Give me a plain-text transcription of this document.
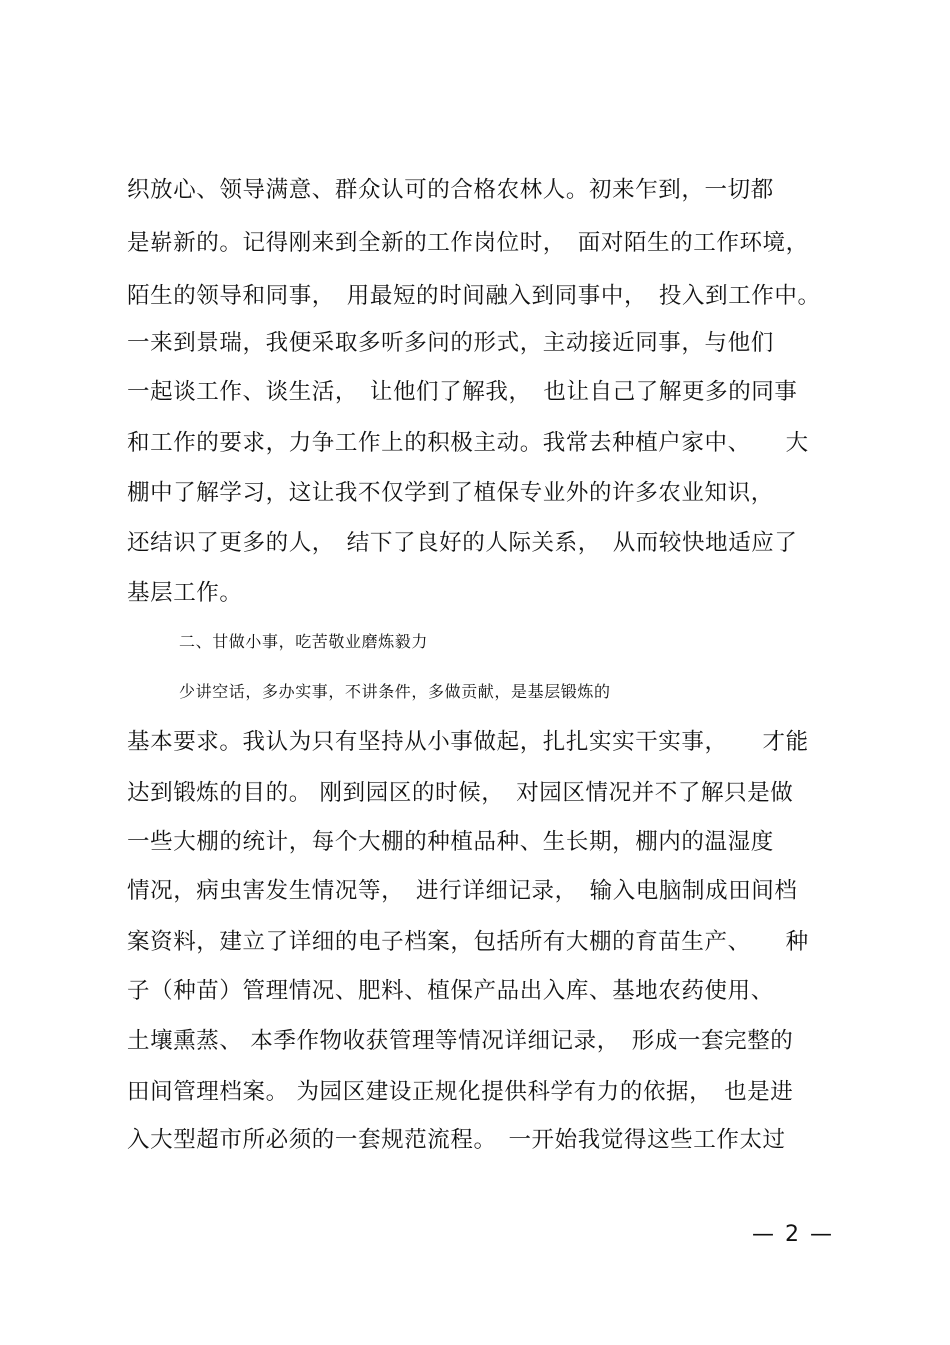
织放心、领导满意、群众认可的合格农林人。初来乍到，一切都
是崭新的。记得刚来到全新的工作岗位时，　面对陌生的工作环境，
陌生的领导和同事，　用最短的时间融入到同事中，　投入到工作中。
一来到景瑞，我便采取多听多问的形式，主动接近同事，与他们
一起谈工作、谈生活，　让他们了解我，　也让自己了解更多的同事
和工作的要求，力争工作上的积极主动。我常去种植户家中、　　大
棚中了解学习，这让我不仅学到了植保专业外的许多农业知识，
还结识了更多的人，　结下了良好的人际关系，　从而较快地适应了
基层工作。
二、甘做小事，吃苦敬业磨炼毅力
少讲空话，多办实事，不讲条件，多做贡献，是基层锻炼的
基本要求。我认为只有坚持从小事做起，扎扎实实干实事，　　才能
达到锻炼的目的。 刚到园区的时候，　对园区情况并不了解只是做
一些大棚的统计，每个大棚的种植品种、生长期，棚内的温湿度
情况，病虫害发生情况等，　进行详细记录，　输入电脑制成田间档
案资料，建立了详细的电子档案，包括所有大棚的育苗生产、　　种
子（种苗）管理情况、肥料、植保产品出入库、基地农药使用、
土壤熏蒸、 本季作物收获管理等情况详细记录，　形成一套完整的
田间管理档案。 为园区建设正规化提供科学有力的依据，　也是进
入大型超市所必须的一套规范流程。　一开始我觉得这些工作太过
— 2 —
